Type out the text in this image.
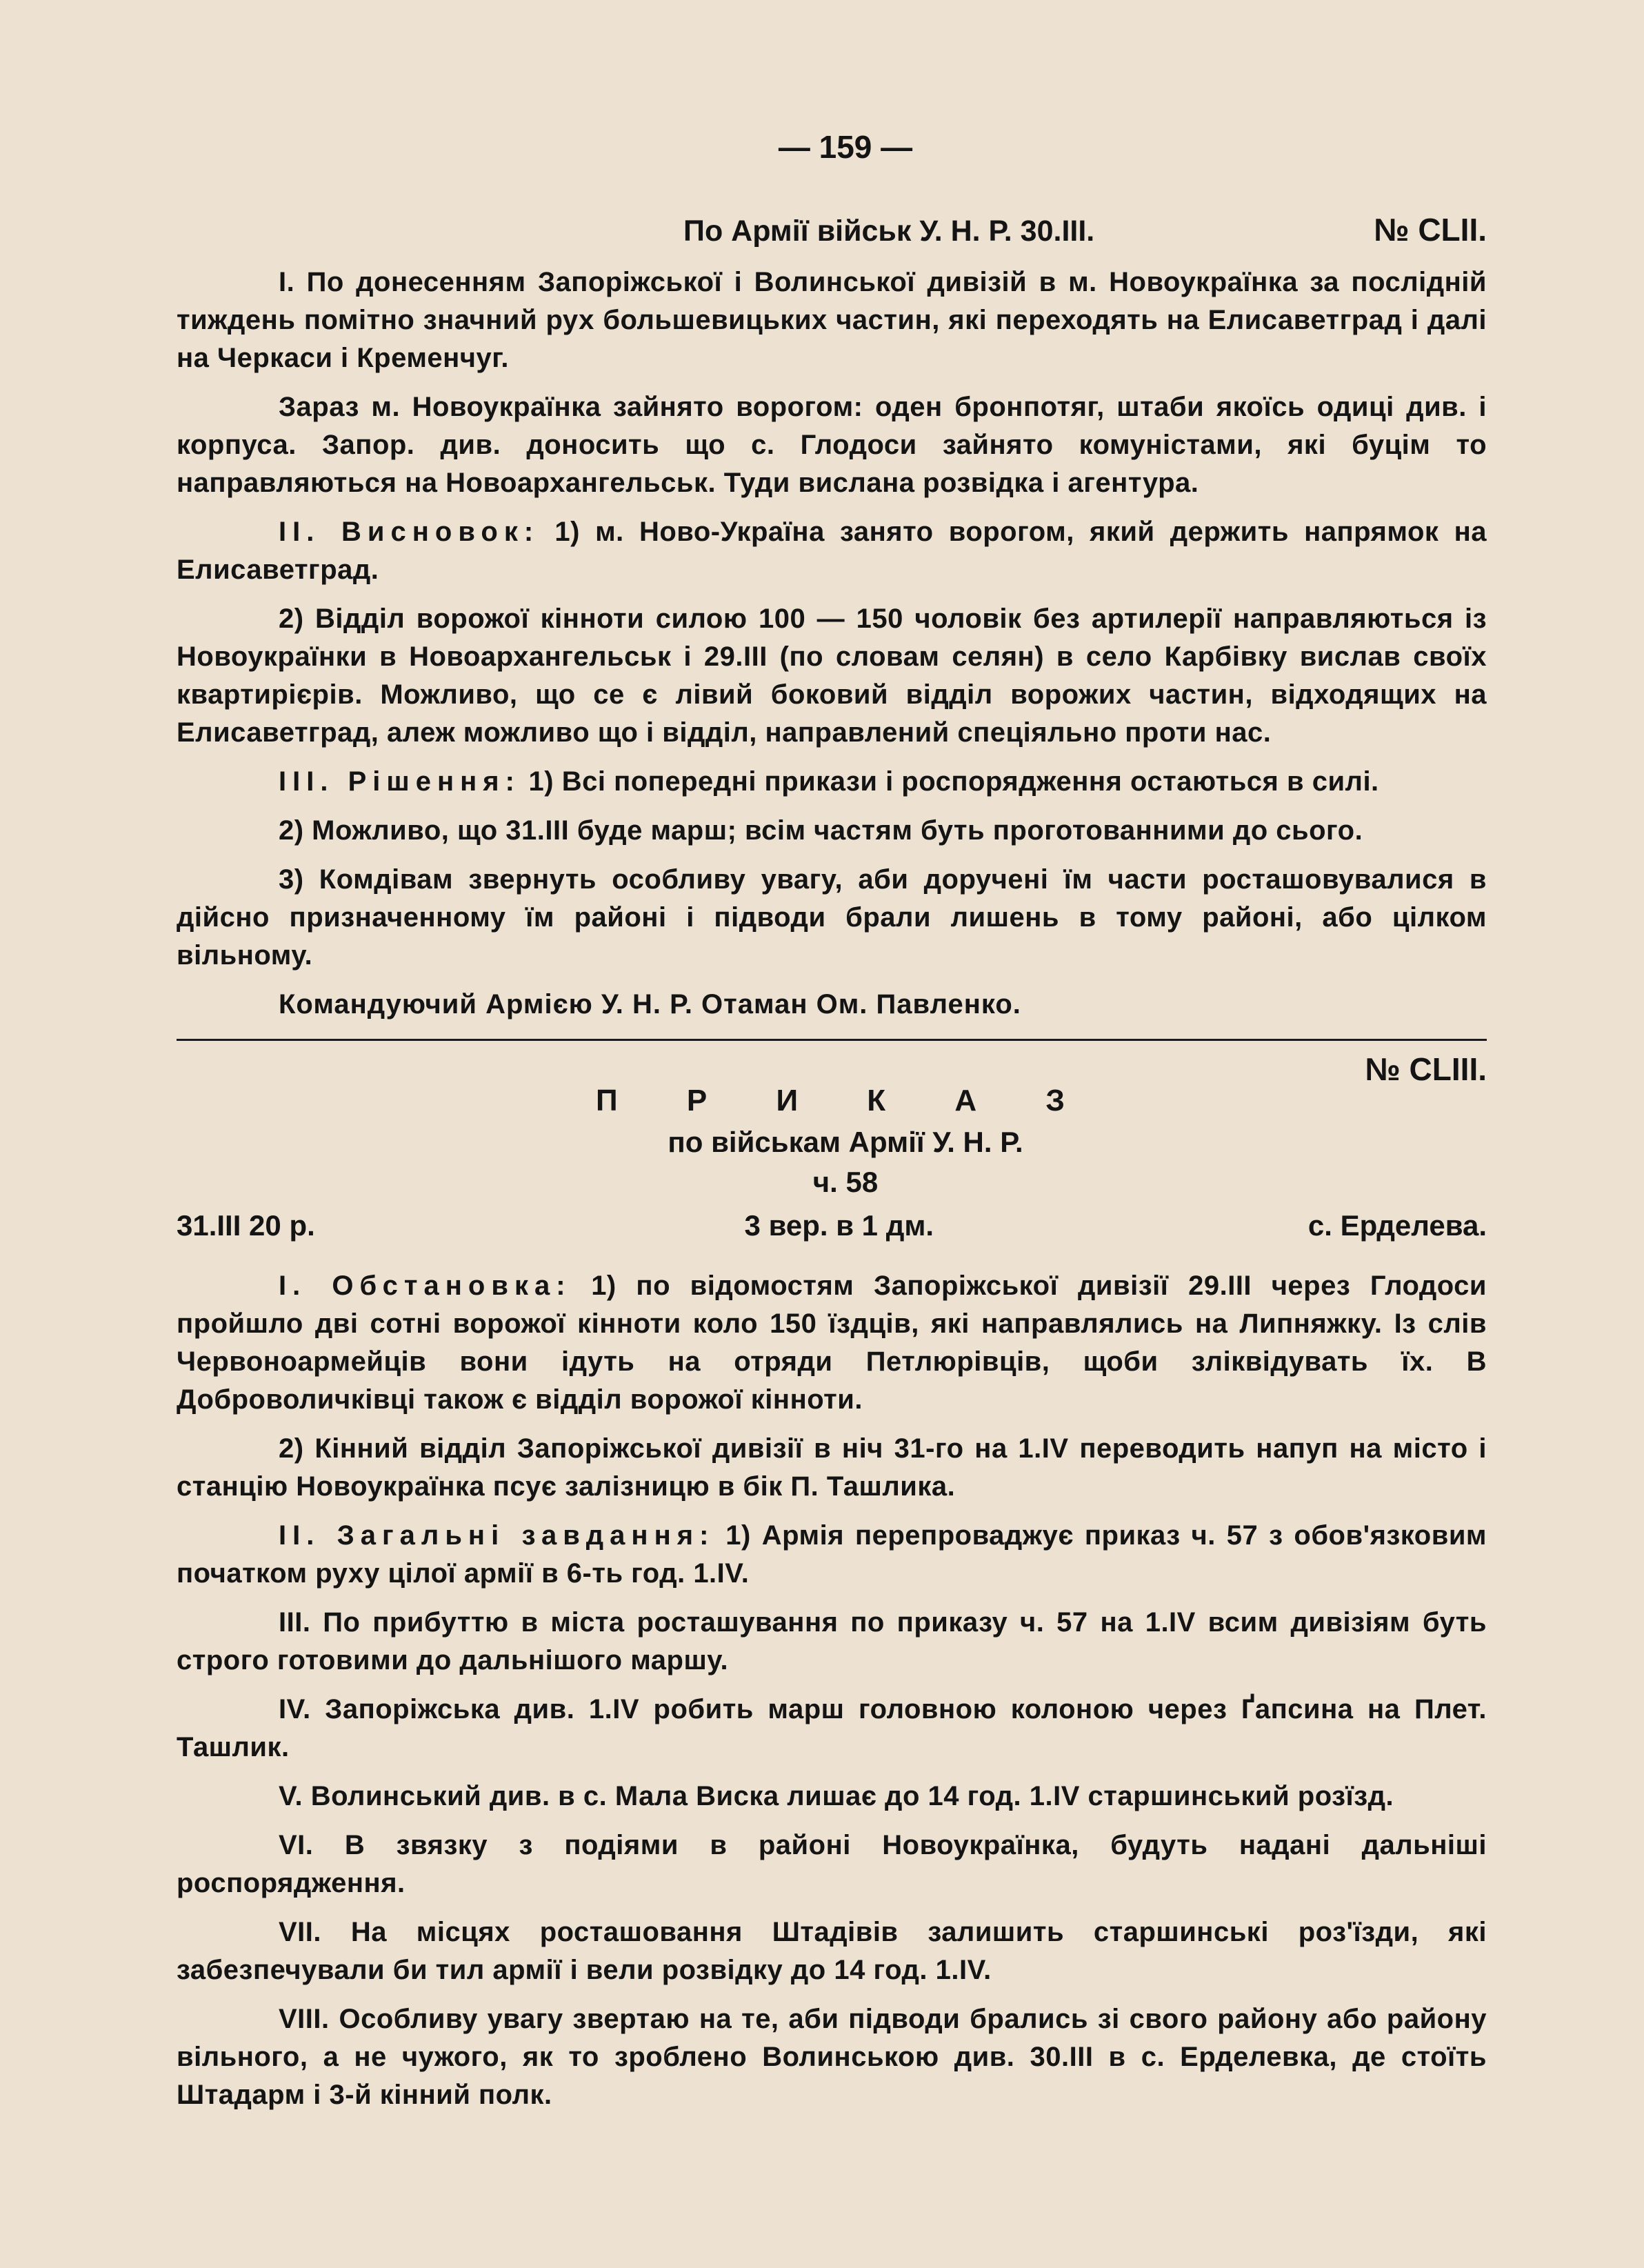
— 159 —
По Армії військ У. Н. Р. 30.III.	№ CLII.

І. По донесенням Запоріжської і Волинської дивізій в м. Новоукраїнка за послідній тиждень помітно значний рух большевицьких частин, які переходять на Елисаветград і далі на Черкаси і Кременчуг.

Зараз м. Новоукраїнка зайнято ворогом: оден бронпотяг, штаби якоїсь одиці див. і корпуса. Запор. див. доносить що с. Глодоси зайнято комуністами, які буцім то направляються на Новоархангельськ. Туди вислана розвідка і агентура.

II. Висновок: 1) м. Ново-Україна занято ворогом, який держить напрямок на Елисаветград.

2) Відділ ворожої кінноти силою 100 — 150 чоловік без артилерії направляються із Новоукраїнки в Новоархангельськ і 29.III (по словам селян) в село Карбівку вислав своїх квартирієрів. Можливо, що се є лівий боковий відділ ворожих частин, відходящих на Елисаветград, алеж можливо що і відділ, направлений спеціяльно проти нас.

III. Рішення: 1) Всі попередні прикази і роспорядження остаються в силі.

2) Можливо, що 31.III буде марш; всім частям буть проготованними до сього.

3) Комдівам звернуть особливу увагу, аби доручені їм части росташовувалися в дійсно призначенному їм районі і підводи брали лишень в тому районі, або цілком вільному.

Командуючий Армією У. Н. Р. Отаман Ом. Павленко.

№ CLIII.
П Р И К А З
по військам Армії У. Н. Р.
ч. 58
31.III 20 р.	3 вер. в 1 дм.	с. Ерделева.

І. Обстановка: 1) по відомостям Запоріжської дивізії 29.III через Глодоси пройшло дві сотні ворожої кінноти коло 150 їздців, які направлялись на Липняжку. Із слів Червоноармейців вони ідуть на отряди Петлюрівців, щоби зліквідувать їх. В Доброволичківці також є відділ ворожої кінноти.

2) Кінний відділ Запоріжської дивізії в ніч 31-го на 1.IV переводить напуп на місто і станцію Новоукраїнка псує залізницю в бік П. Ташлика.

II. Загальні завдання: 1) Армія перепроваджує приказ ч. 57 з обов'язковим початком руху цілої армії в 6-ть год. 1.IV.

III. По прибуттю в міста росташування по приказу ч. 57 на 1.IV всим дивізіям буть строго готовими до дальнішого маршу.

IV. Запоріжська див. 1.IV робить марш головною колоною через Ґапсина на Плет. Ташлик.

V. Волинський див. в с. Мала Виска лишає до 14 год. 1.IV старшинський розїзд.

VI. В звязку з подіями в районі Новоукраїнка, будуть надані дальніші роспорядження.

VII. На місцях росташовання Штадівів залишить старшинські роз'їзди, які забезпечували би тил армії і вели розвідку до 14 год. 1.IV.

VIII. Особливу увагу звертаю на те, аби підводи брались зі свого району або району вільного, а не чужого, як то зроблено Волинською див. 30.III в с. Ерделевка, де стоїть Штадарм і 3-й кінний полк.
